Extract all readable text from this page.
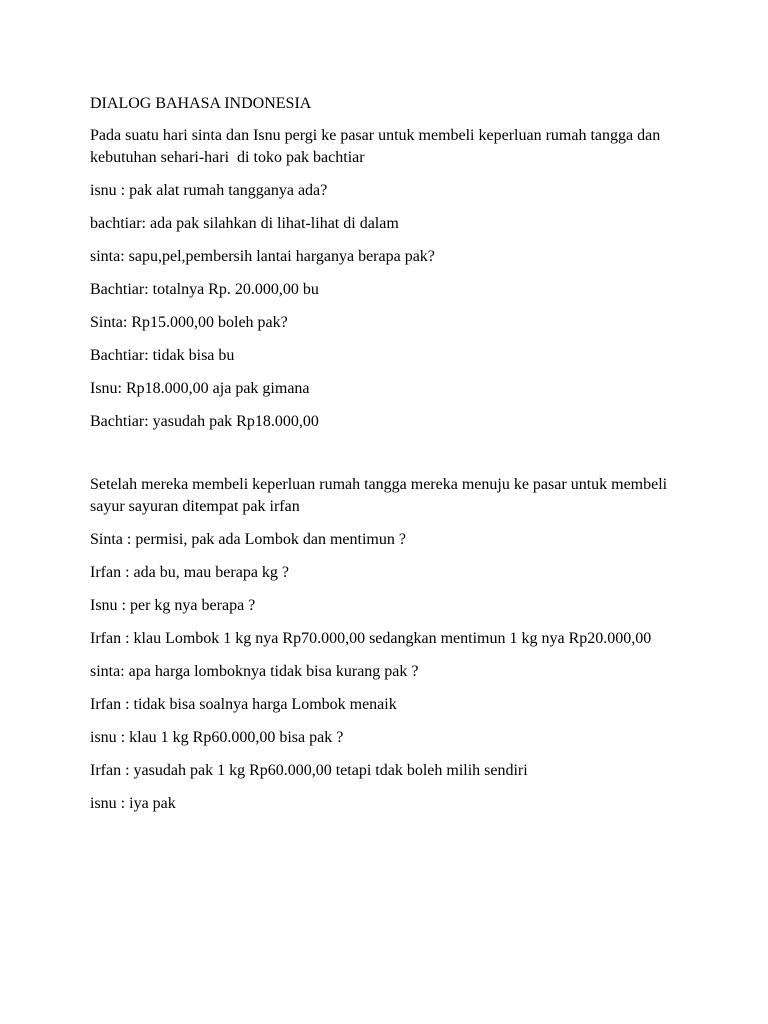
DIALOG BAHASA INDONESIA

Pada suatu hari sinta dan Isnu pergi ke pasar untuk membeli keperluan rumah tangga dan kebutuhan sehari-hari  di toko pak bachtiar

isnu : pak alat rumah tangganya ada?

bachtiar: ada pak silahkan di lihat-lihat di dalam

sinta: sapu,pel,pembersih lantai harganya berapa pak?

Bachtiar: totalnya Rp. 20.000,00 bu

Sinta: Rp15.000,00 boleh pak?

Bachtiar: tidak bisa bu

Isnu: Rp18.000,00 aja pak gimana

Bachtiar: yasudah pak Rp18.000,00

Setelah mereka membeli keperluan rumah tangga mereka menuju ke pasar untuk membeli sayur sayuran ditempat pak irfan

Sinta : permisi, pak ada Lombok dan mentimun ?

Irfan : ada bu, mau berapa kg ?

Isnu : per kg nya berapa ?

Irfan : klau Lombok 1 kg nya Rp70.000,00 sedangkan mentimun 1 kg nya Rp20.000,00

sinta: apa harga lomboknya tidak bisa kurang pak ?

Irfan : tidak bisa soalnya harga Lombok menaik

isnu : klau 1 kg Rp60.000,00 bisa pak ?

Irfan : yasudah pak 1 kg Rp60.000,00 tetapi tdak boleh milih sendiri

isnu : iya pak
